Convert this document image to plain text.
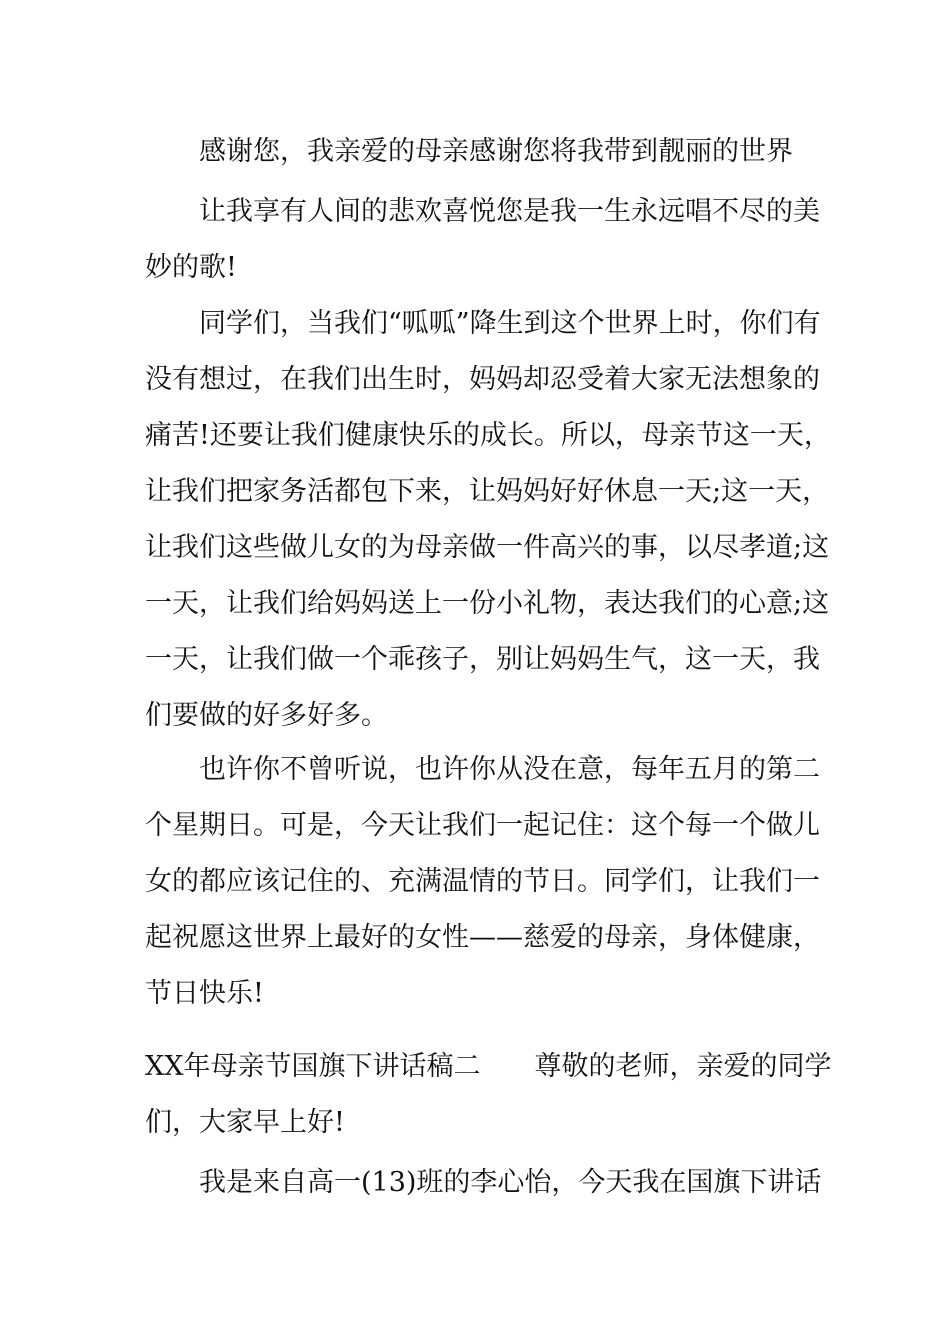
感谢您，我亲爱的母亲感谢您将我带到靓丽的世界

让我享有人间的悲欢喜悦您是我一生永远唱不尽的美妙的歌!

同学们，当我们“呱呱”降生到这个世界上时，你们有没有想过，在我们出生时，妈妈却忍受着大家无法想象的痛苦!还要让我们健康快乐的成长。所以，母亲节这一天，让我们把家务活都包下来，让妈妈好好休息一天;这一天，让我们这些做儿女的为母亲做一件高兴的事，以尽孝道;这一天，让我们给妈妈送上一份小礼物，表达我们的心意;这一天，让我们做一个乖孩子，别让妈妈生气，这一天，我们要做的好多好多。

也许你不曾听说，也许你从没在意，每年五月的第二个星期日。可是，今天让我们一起记住：这个每一个做儿女的都应该记住的、充满温情的节日。同学们，让我们一起祝愿这世界上最好的女性——慈爱的母亲，身体健康，节日快乐!

XX年母亲节国旗下讲话稿二 尊敬的老师，亲爱的同学们，大家早上好!

我是来自高一(13)班的李心怡，今天我在国旗下讲话
